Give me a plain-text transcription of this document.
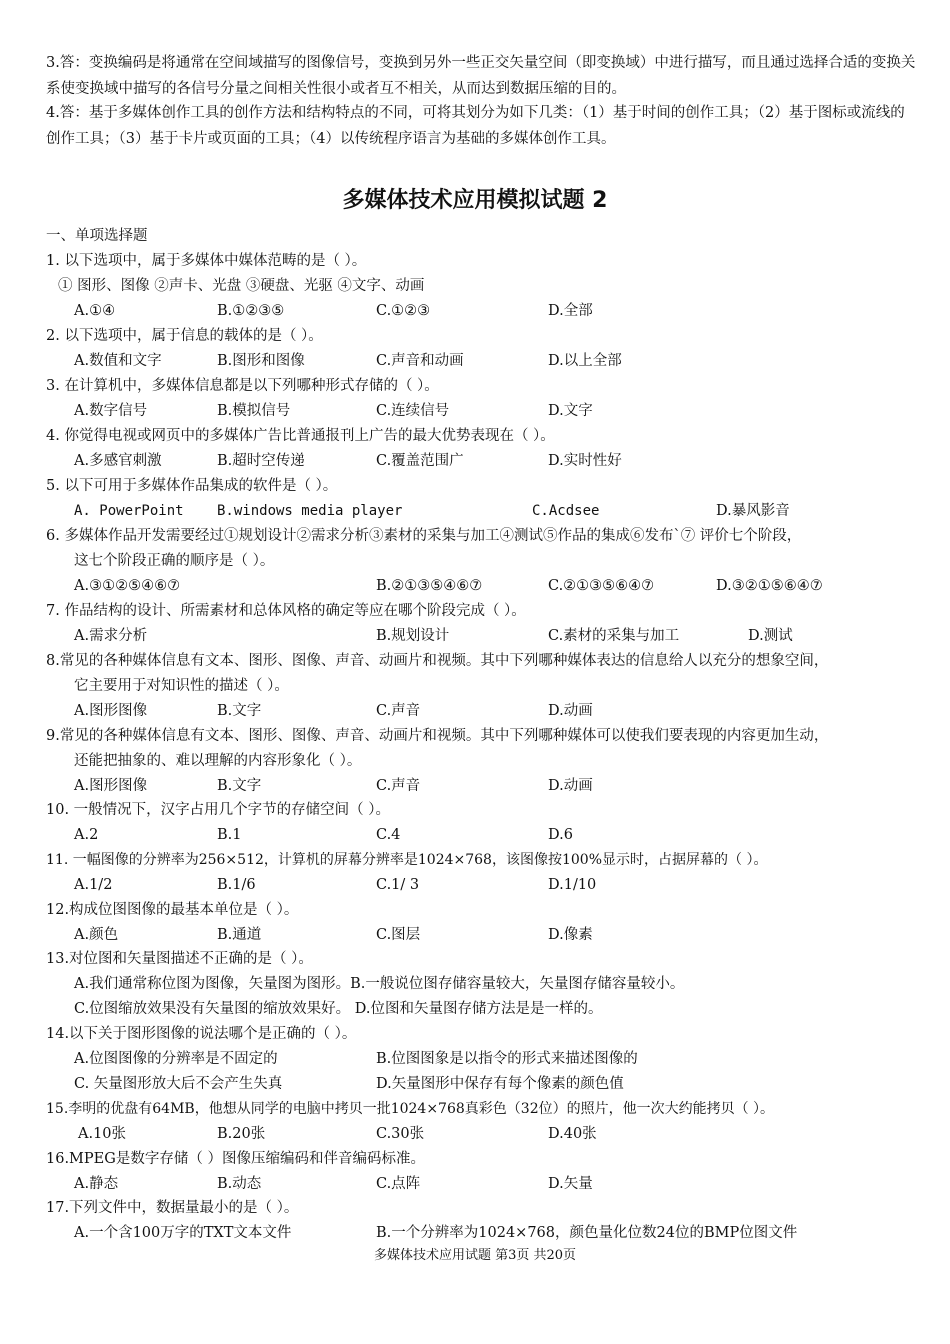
3.答：变换编码是将通常在空间域描写的图像信号，变换到另外一些正交矢量空间（即变换域）中进行描写，而且通过选择合适的变换关系使变换域中描写的各信号分量之间相关性很小或者互不相关，从而达到数据压缩的目的。
4.答：基于多媒体创作工具的创作方法和结构特点的不同，可将其划分为如下几类：（1）基于时间的创作工具；（2）基于图标或流线的创作工具；（3）基于卡片或页面的工具；（4）以传统程序语言为基础的多媒体创作工具。
多媒体技术应用模拟试题 2
一、单项选择题
1. 以下选项中，属于多媒体中媒体范畴的是（ ）。
① 图形、图像 ②声卡、光盘 ③硬盘、光驱 ④文字、动画
A.①④	B.①②③⑤	C.①②③	D.全部
2. 以下选项中，属于信息的载体的是（ ）。
A.数值和文字	B.图形和图像	C.声音和动画	D.以上全部
3. 在计算机中，多媒体信息都是以下列哪种形式存储的（ ）。
A.数字信号	B.模拟信号	C.连续信号	D.文字
4. 你觉得电视或网页中的多媒体广告比普通报刊上广告的最大优势表现在（ ）。
A.多感官刺激	B.超时空传递	C.覆盖范围广	D.实时性好
5. 以下可用于多媒体作品集成的软件是（ ）。
A. PowerPoint B.windows media player	C.Acdsee	D.暴风影音
6. 多媒体作品开发需要经过①规划设计②需求分析③素材的采集与加工④测试⑤作品的集成⑥发布`⑦ 评价七个阶段，
这七个阶段正确的顺序是（ ）。
A.③①②⑤④⑥⑦	B.②①③⑤④⑥⑦	C.②①③⑤⑥④⑦	D.③②①⑤⑥④⑦
7. 作品结构的设计、所需素材和总体风格的确定等应在哪个阶段完成（ ）。
A.需求分析	B.规划设计	C.素材的采集与加工	D.测试
8.常见的各种媒体信息有文本、图形、图像、声音、动画片和视频。其中下列哪种媒体表达的信息给人以充分的想象空间，
它主要用于对知识性的描述（ ）。
A.图形图像	B.文字	C.声音	D.动画
9.常见的各种媒体信息有文本、图形、图像、声音、动画片和视频。其中下列哪种媒体可以使我们要表现的内容更加生动，
还能把抽象的、难以理解的内容形象化（ ）。
A.图形图像	B.文字	C.声音	D.动画
10. 一般情况下，汉字占用几个字节的存储空间（ ）。
A.2	B.1	C.4	D.6
11. 一幅图像的分辨率为256×512，计算机的屏幕分辨率是1024×768，该图像按100%显示时，占据屏幕的（ ）。
A.1/2	B.1/6	C.1/ 3	D.1/10
12.构成位图图像的最基本单位是（ ）。
A.颜色	B.通道	C.图层	D.像素
13.对位图和矢量图描述不正确的是（ ）。
A.我们通常称位图为图像，矢量图为图形。B.一般说位图存储容量较大，矢量图存储容量较小。
C.位图缩放效果没有矢量图的缩放效果好。 D.位图和矢量图存储方法是是一样的。
14.以下关于图形图像的说法哪个是正确的（ ）。
A.位图图像的分辨率是不固定的	B.位图图象是以指令的形式来描述图像的
C. 矢量图形放大后不会产生失真	D.矢量图形中保存有每个像素的颜色值
15.李明的优盘有64MB，他想从同学的电脑中拷贝一批1024×768真彩色（32位）的照片，他一次大约能拷贝（ ）。
A.10张	B.20张	C.30张	D.40张
16.MPEG是数字存储（ ）图像压缩编码和伴音编码标准。
A.静态	B.动态	C.点阵	D.矢量
17.下列文件中，数据量最小的是（ ）。
A.一个含100万字的TXT文本文件	B.一个分辨率为1024×768，颜色量化位数24位的BMP位图文件
多媒体技术应用试题 第3页 共20页
